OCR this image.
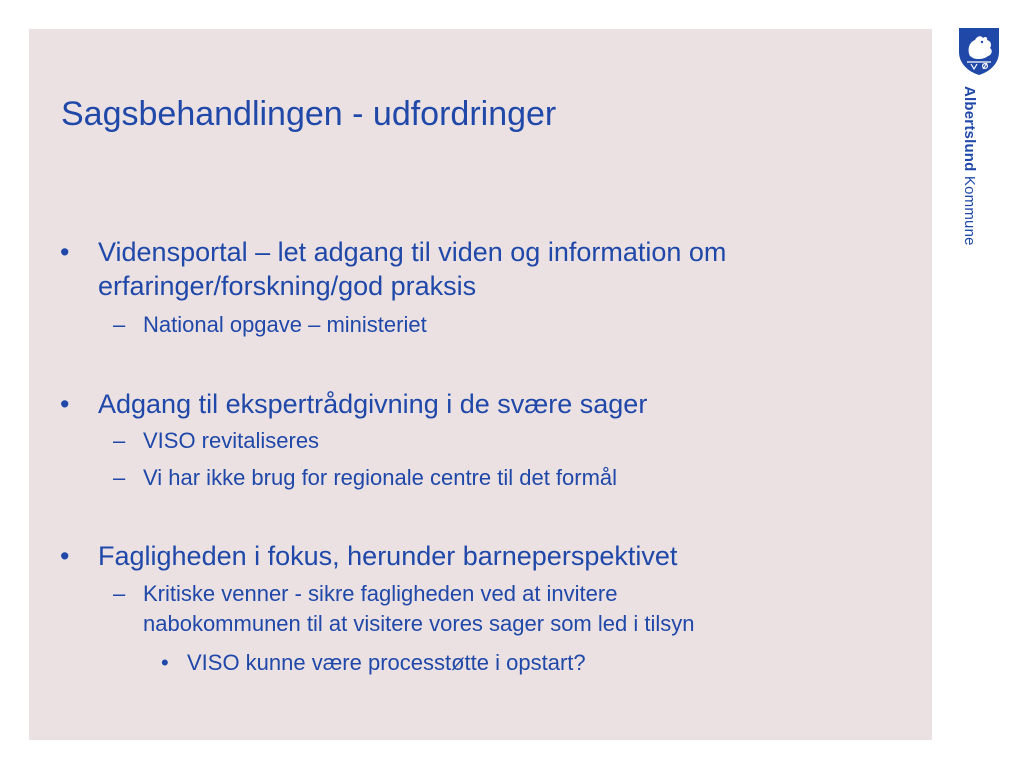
Sagsbehandlingen - udfordringer
• Vidensportal – let adgang til viden og information om
erfaringer/forskning/god praksis
– National opgave – ministeriet
• Adgang til ekspertrådgivning i de svære sager
– VISO revitaliseres
– Vi har ikke brug for regionale centre til det formål
• Fagligheden i fokus, herunder barneperspektivet
– Kritiske venner - sikre fagligheden ved at invitere
nabokommunen til at visitere vores sager som led i tilsyn
• VISO kunne være processtøtte i opstart?
Albertslund Kommune
